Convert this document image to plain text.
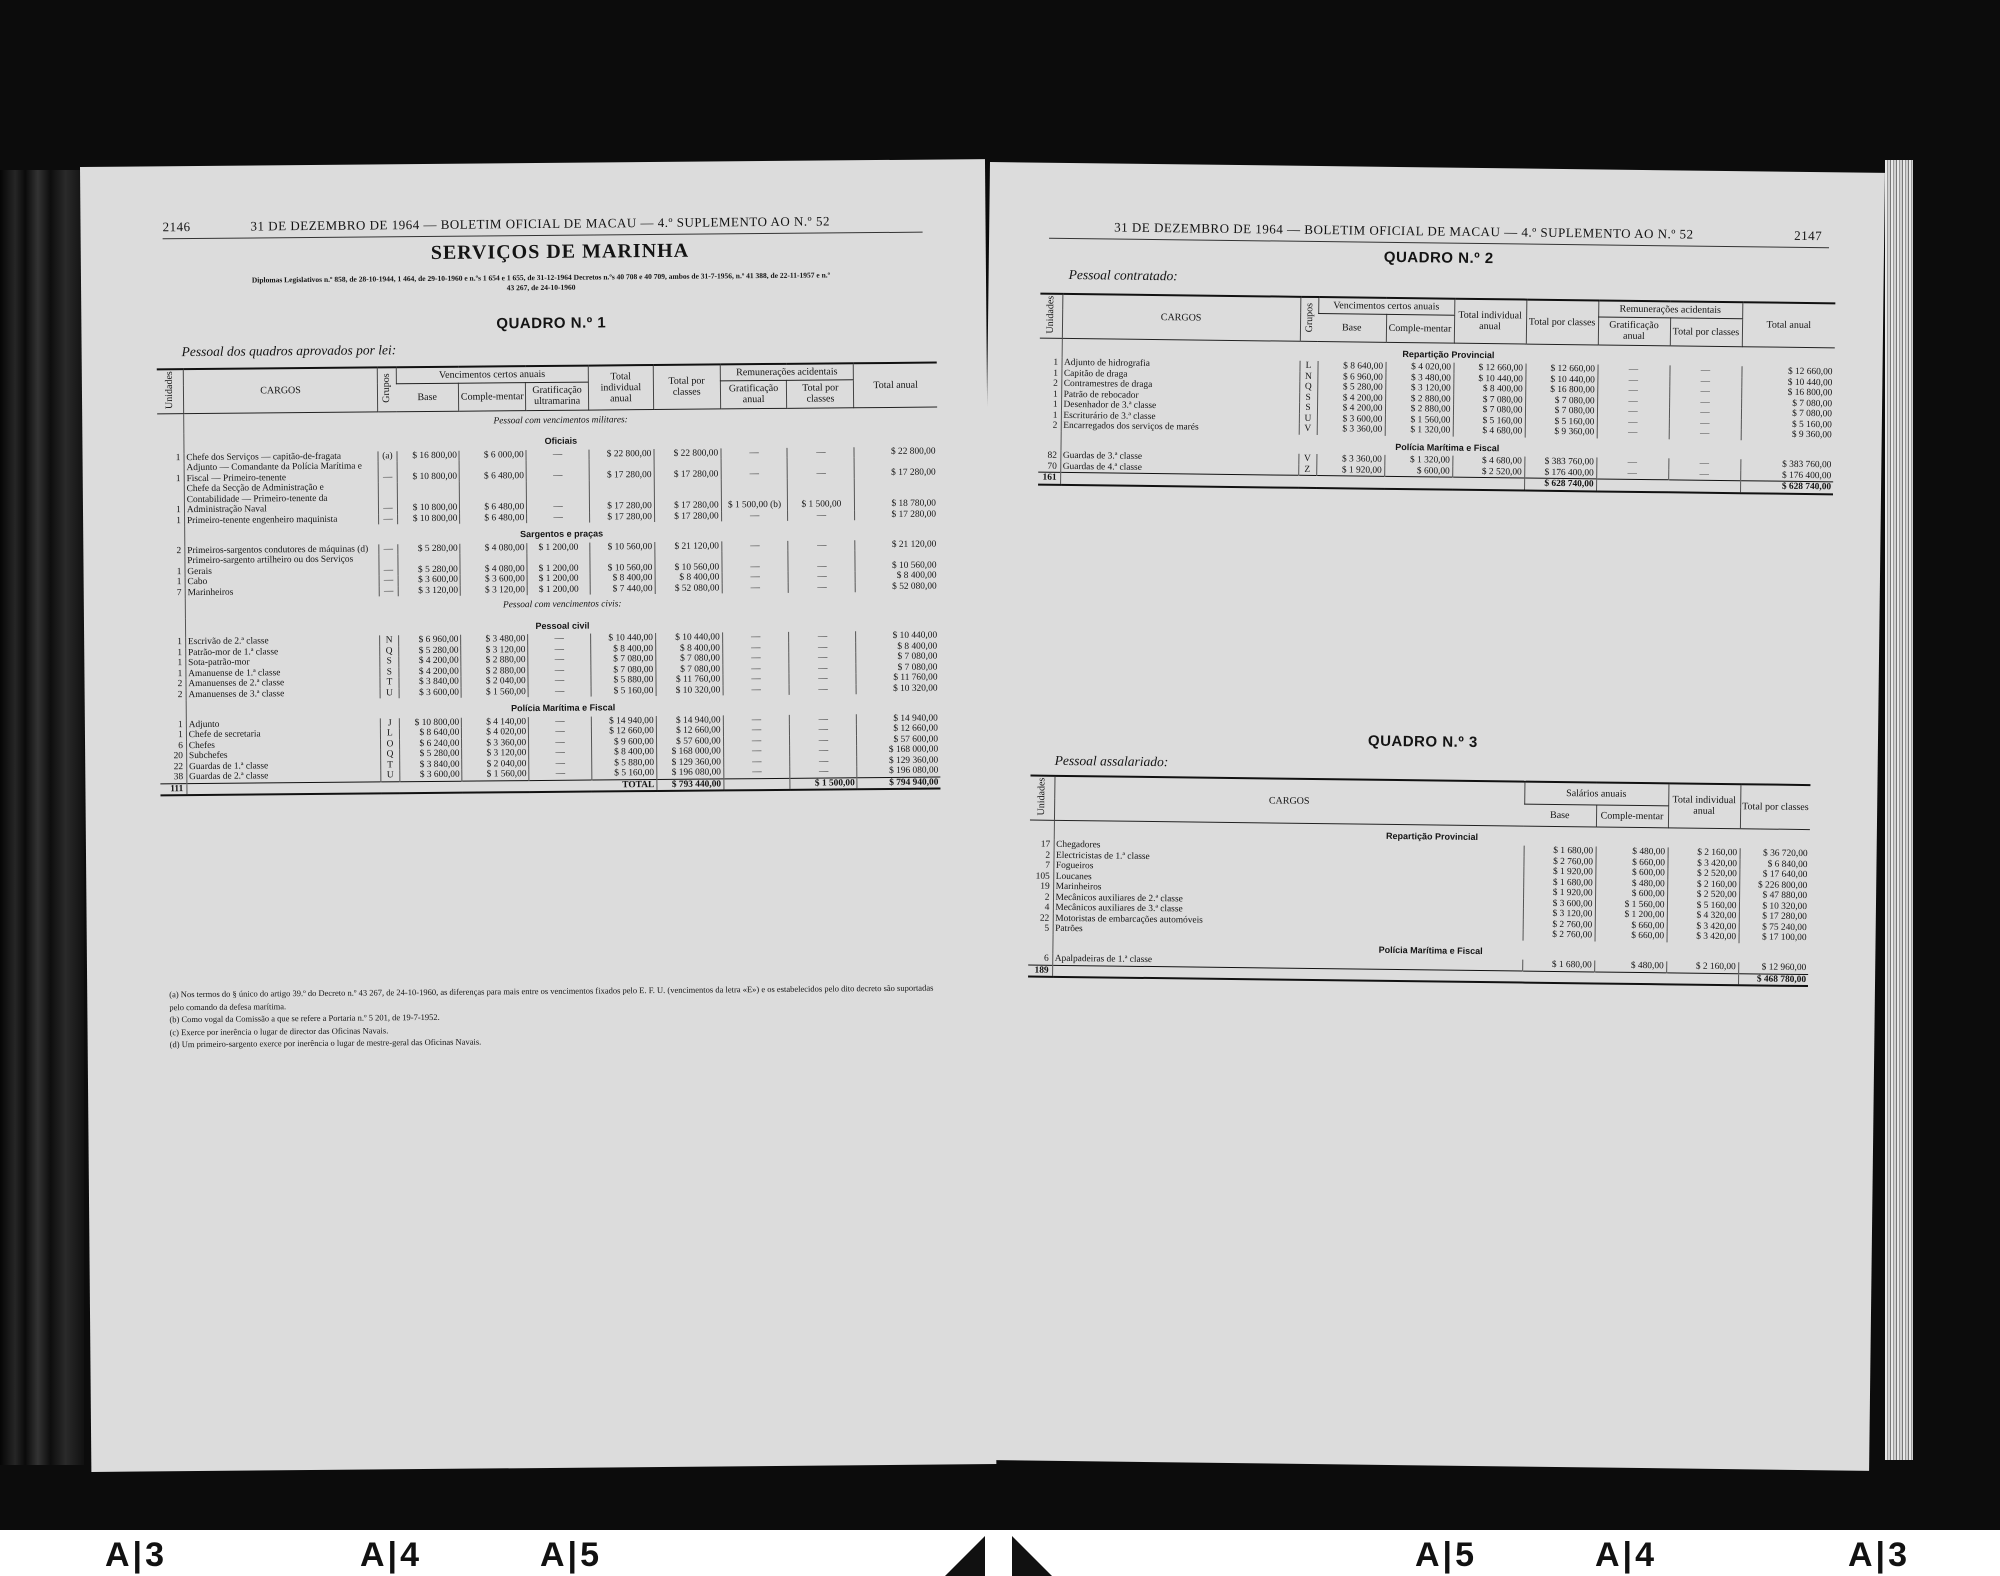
2146	31 DE DEZEMBRO DE 1964 — BOLETIM OFICIAL DE MACAU — 4.º SUPLEMENTO AO N.º 52
SERVIÇOS DE MARINHA
Diplomas Legislativos n.º 858, de 28-10-1944, 1 464, de 29-10-1960 e n.ºs 1 654 e 1 655, de 31-12-1964 Decretos n.ºs 40 708 e 40 709, ambos de 31-7-1956, n.º 41 388, de 22-11-1957 e n.º 43 267, de 24-10-1960
QUADRO N.º 1
Pessoal dos quadros aprovados por lei:
Unidades	CARGOS	Grupos	Vencimentos certos anuais			Total individual anual	Total por classes	Remunerações acidentais		Total anual
			Base	Comple-mentar	Gratificação ultramarina			Gratificação anual	Total por classes	
	Pessoal com vencimentos militares:									
	Oficiais									
1	Chefe dos Serviços — capitão-de-fragata	(a)	$ 16 800,00	$ 6 000,00	—	$ 22 800,00	$ 22 800,00	—	—	$ 22 800,00
1	Adjunto — Comandante da Polícia Marítima e Fiscal — Primeiro-tenente	—	$ 10 800,00	$ 6 480,00	—	$ 17 280,00	$ 17 280,00	—	—	$ 17 280,00
1	Chefe da Secção de Administração e Contabilidade — Primeiro-tenente da Administração Naval	—	$ 10 800,00	$ 6 480,00	—	$ 17 280,00	$ 17 280,00	$ 1 500,00 (b)	$ 1 500,00	$ 18 780,00
1	Primeiro-tenente engenheiro maquinista	—	$ 10 800,00	$ 6 480,00	—	$ 17 280,00	$ 17 280,00	—	—	$ 17 280,00
	Sargentos e praças									
2	Primeiros-sargentos condutores de máquinas (d)	—	$ 5 280,00	$ 4 080,00	$ 1 200,00	$ 10 560,00	$ 21 120,00	—	—	$ 21 120,00
1	Primeiro-sargento artilheiro ou dos Serviços Gerais	—	$ 5 280,00	$ 4 080,00	$ 1 200,00	$ 10 560,00	$ 10 560,00	—	—	$ 10 560,00
1	Cabo	—	$ 3 600,00	$ 3 600,00	$ 1 200,00	$ 8 400,00	$ 8 400,00	—	—	$ 8 400,00
7	Marinheiros	—	$ 3 120,00	$ 3 120,00	$ 1 200,00	$ 7 440,00	$ 52 080,00	—	—	$ 52 080,00
	Pessoal com vencimentos civis:									
	Pessoal civil									
1	Escrivão de 2.ª classe	N	$ 6 960,00	$ 3 480,00	—	$ 10 440,00	$ 10 440,00	—	—	$ 10 440,00
1	Patrão-mor de 1.ª classe	Q	$ 5 280,00	$ 3 120,00	—	$ 8 400,00	$ 8 400,00	—	—	$ 8 400,00
1	Sota-patrão-mor	S	$ 4 200,00	$ 2 880,00	—	$ 7 080,00	$ 7 080,00	—	—	$ 7 080,00
1	Amanuense de 1.ª classe	S	$ 4 200,00	$ 2 880,00	—	$ 7 080,00	$ 7 080,00	—	—	$ 7 080,00
2	Amanuenses de 2.ª classe	T	$ 3 840,00	$ 2 040,00	—	$ 5 880,00	$ 11 760,00	—	—	$ 11 760,00
2	Amanuenses de 3.ª classe	U	$ 3 600,00	$ 1 560,00	—	$ 5 160,00	$ 10 320,00	—	—	$ 10 320,00
	Polícia Marítima e Fiscal									
1	Adjunto	J	$ 10 800,00	$ 4 140,00	—	$ 14 940,00	$ 14 940,00	—	—	$ 14 940,00
1	Chefe de secretaria	L	$ 8 640,00	$ 4 020,00	—	$ 12 660,00	$ 12 660,00	—	—	$ 12 660,00
6	Chefes	O	$ 6 240,00	$ 3 360,00	—	$ 9 600,00	$ 57 600,00	—	—	$ 57 600,00
20	Subchefes	Q	$ 5 280,00	$ 3 120,00	—	$ 8 400,00	$ 168 000,00	—	—	$ 168 000,00
22	Guardas de 1.ª classe	T	$ 3 840,00	$ 2 040,00	—	$ 5 880,00	$ 129 360,00	—	—	$ 129 360,00
38	Guardas de 2.ª classe	U	$ 3 600,00	$ 1 560,00	—	$ 5 160,00	$ 196 080,00	—	—	$ 196 080,00
111	TOTAL						$ 793 440,00		$ 1 500,00	$ 794 940,00
(a) Nos termos do § único do artigo 39.º do Decreto n.º 43 267, de 24-10-1960, as diferenças para mais entre os vencimentos fixados pelo E. F. U. (vencimentos da letra «E») e os estabelecidos pelo dito decreto são suportadas pelo comando da defesa marítima.
(b) Como vogal da Comissão a que se refere a Portaria n.º 5 201, de 19-7-1952.
(c) Exerce por inerência o lugar de director das Oficinas Navais.
(d) Um primeiro-sargento exerce por inerência o lugar de mestre-geral das Oficinas Navais.
31 DE DEZEMBRO DE 1964 — BOLETIM OFICIAL DE MACAU — 4.º SUPLEMENTO AO N.º 52	2147
QUADRO N.º 2
Pessoal contratado:
Unidades	CARGOS	Grupos	Vencimentos certos anuais		Total individual anual	Total por classes	Remunerações acidentais		Total anual
			Base	Comple-mentar			Gratificação anual	Total por classes	
	Repartição Provincial								
1	Adjunto de hidrografia	L	$ 8 640,00	$ 4 020,00	$ 12 660,00	$ 12 660,00	—	—	$ 12 660,00
1	Capitão de draga	N	$ 6 960,00	$ 3 480,00	$ 10 440,00	$ 10 440,00	—	—	$ 10 440,00
2	Contramestres de draga	Q	$ 5 280,00	$ 3 120,00	$ 8 400,00	$ 16 800,00	—	—	$ 16 800,00
1	Patrão de rebocador	S	$ 4 200,00	$ 2 880,00	$ 7 080,00	$ 7 080,00	—	—	$ 7 080,00
1	Desenhador de 3.ª classe	S	$ 4 200,00	$ 2 880,00	$ 7 080,00	$ 7 080,00	—	—	$ 7 080,00
1	Escriturário de 3.ª classe	U	$ 3 600,00	$ 1 560,00	$ 5 160,00	$ 5 160,00	—	—	$ 5 160,00
2	Encarregados dos serviços de marés	V	$ 3 360,00	$ 1 320,00	$ 4 680,00	$ 9 360,00	—	—	$ 9 360,00
	Polícia Marítima e Fiscal								
82	Guardas de 3.ª classe	V	$ 3 360,00	$ 1 320,00	$ 4 680,00	$ 383 760,00	—	—	$ 383 760,00
70	Guardas de 4.ª classe	Z	$ 1 920,00	$ 600,00	$ 2 520,00	$ 176 400,00	—	—	$ 176 400,00
161						$ 628 740,00			$ 628 740,00
QUADRO N.º 3
Pessoal assalariado:
Unidades	CARGOS	Salários anuais		Total individual anual	Total por classes
		Base	Comple-mentar		
	Repartição Provincial				
17	Chegadores	$ 1 680,00	$ 480,00	$ 2 160,00	$ 36 720,00
2	Electricistas de 1.ª classe	$ 2 760,00	$ 660,00	$ 3 420,00	$ 6 840,00
7	Fogueiros	$ 1 920,00	$ 600,00	$ 2 520,00	$ 17 640,00
105	Loucanes	$ 1 680,00	$ 480,00	$ 2 160,00	$ 226 800,00
19	Marinheiros	$ 1 920,00	$ 600,00	$ 2 520,00	$ 47 880,00
2	Mecânicos auxiliares de 2.ª classe	$ 3 600,00	$ 1 560,00	$ 5 160,00	$ 10 320,00
4	Mecânicos auxiliares de 3.ª classe	$ 3 120,00	$ 1 200,00	$ 4 320,00	$ 17 280,00
22	Motoristas de embarcações automóveis	$ 2 760,00	$ 660,00	$ 3 420,00	$ 75 240,00
5	Patrões	$ 2 760,00	$ 660,00	$ 3 420,00	$ 17 100,00
	Polícia Marítima e Fiscal				
6	Apalpadeiras de 1.ª classe	$ 1 680,00	$ 480,00	$ 2 160,00	$ 12 960,00
189					$ 468 780,00
A|3	A|4	A|5	A|5	A|4	A|3
